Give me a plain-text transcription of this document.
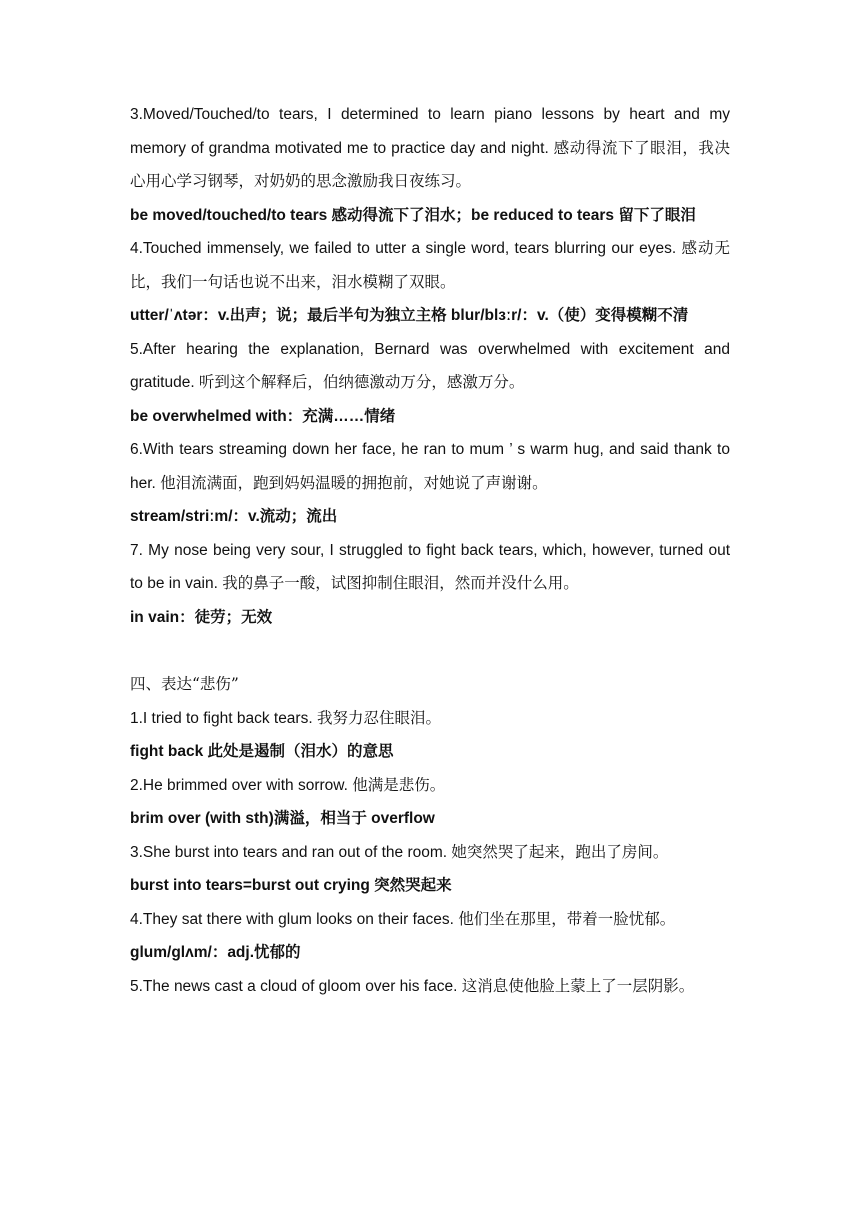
3.Moved/Touched/to tears, I determined to learn piano lessons by heart and my memory of grandma motivated me to practice day and night. 感动得流下了眼泪，我决心用心学习钢琴，对奶奶的思念激励我日夜练习。

be moved/touched/to tears 感动得流下了泪水；be reduced to tears 留下了眼泪

4.Touched immensely, we failed to utter a single word, tears blurring our eyes. 感动无比，我们一句话也说不出来，泪水模糊了双眼。

utter/ˈʌtər：v.出声；说；最后半句为独立主格 blur/blɜːr/：v.（使）变得模糊不清

5.After hearing the explanation, Bernard was overwhelmed with excitement and gratitude. 听到这个解释后，伯纳德激动万分，感激万分。

be overwhelmed with：充满……情绪

6.With tears streaming down her face, he ran to mum ’ s warm hug, and said thank to her. 他泪流满面，跑到妈妈温暖的拥抱前，对她说了声谢谢。

stream/striːm/：v.流动；流出

7. My nose being very sour, I struggled to fight back tears, which, however, turned out to be in vain. 我的鼻子一酸，试图抑制住眼泪，然而并没什么用。

in vain：徒劳；无效

四、表达“悲伤”

1.I tried to fight back tears. 我努力忍住眼泪。

fight back 此处是遏制（泪水）的意思

2.He brimmed over with sorrow. 他满是悲伤。

brim over (with sth)满溢，相当于 overflow

3.She burst into tears and ran out of the room. 她突然哭了起来，跑出了房间。

burst into tears=burst out crying 突然哭起来

4.They sat there with glum looks on their faces. 他们坐在那里，带着一脸忧郁。

glum/glʌm/：adj.忧郁的

5.The news cast a cloud of gloom over his face. 这消息使他脸上蒙上了一层阴影。
